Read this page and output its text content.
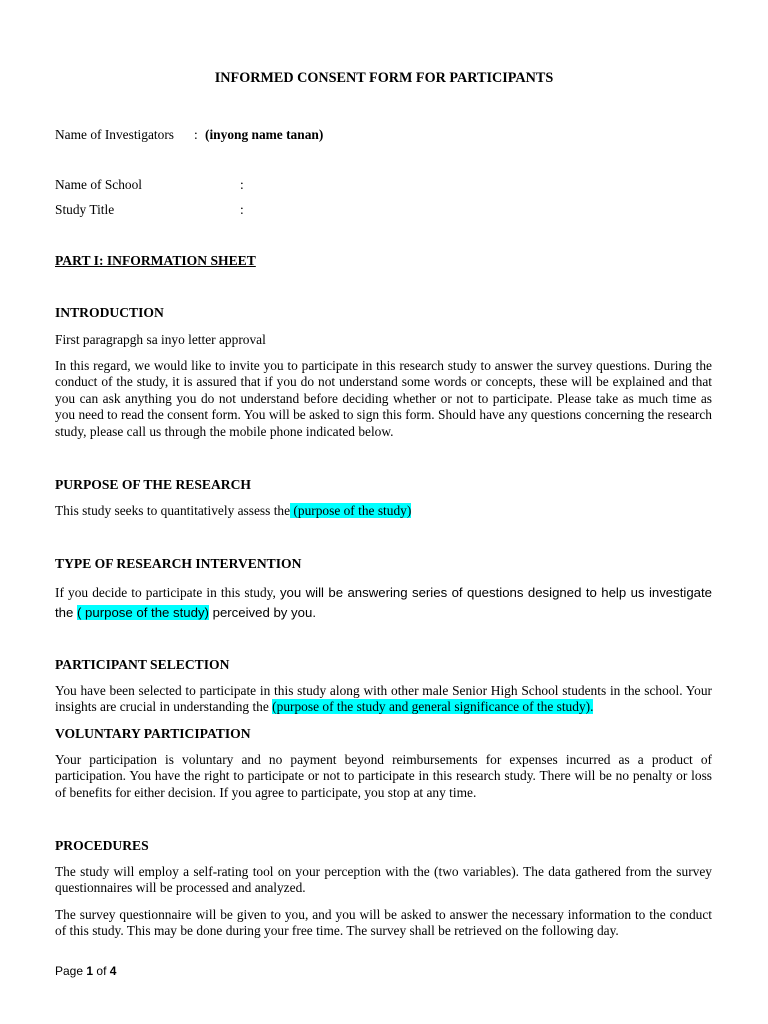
INFORMED CONSENT FORM FOR PARTICIPANTS
Name of Investigators : (inyong name tanan)
Name of School	:
Study Title	:
PART I: INFORMATION SHEET
INTRODUCTION
First paragrapgh sa inyo letter approval
In this regard, we would like to invite you to participate in this research study to answer the survey questions. During the conduct of the study, it is assured that if you do not understand some words or concepts, these will be explained and that you can ask anything you do not understand before deciding whether or not to participate. Please take as much time as you need to read the consent form. You will be asked to sign this form. Should have any questions concerning the research study, please call us through the mobile phone indicated below.
PURPOSE OF THE RESEARCH
This study seeks to quantitatively assess the (purpose of the study)
TYPE OF RESEARCH INTERVENTION
If you decide to participate in this study, you will be answering series of questions designed to help us investigate the ( purpose of the study) perceived by you.
PARTICIPANT SELECTION
You have been selected to participate in this study along with other male Senior High School students in the school. Your insights are crucial in understanding the (purpose of the study and general significance of the study).
VOLUNTARY PARTICIPATION
Your participation is voluntary and no payment beyond reimbursements for expenses incurred as a product of participation. You have the right to participate or not to participate in this research study. There will be no penalty or loss of benefits for either decision. If you agree to participate, you stop at any time.
PROCEDURES
The study will employ a self-rating tool on your perception with the (two variables). The data gathered from the survey questionnaires will be processed and analyzed.
The survey questionnaire will be given to you, and you will be asked to answer the necessary information to the conduct of this study. This may be done during your free time. The survey shall be retrieved on the following day.
Page 1 of 4
